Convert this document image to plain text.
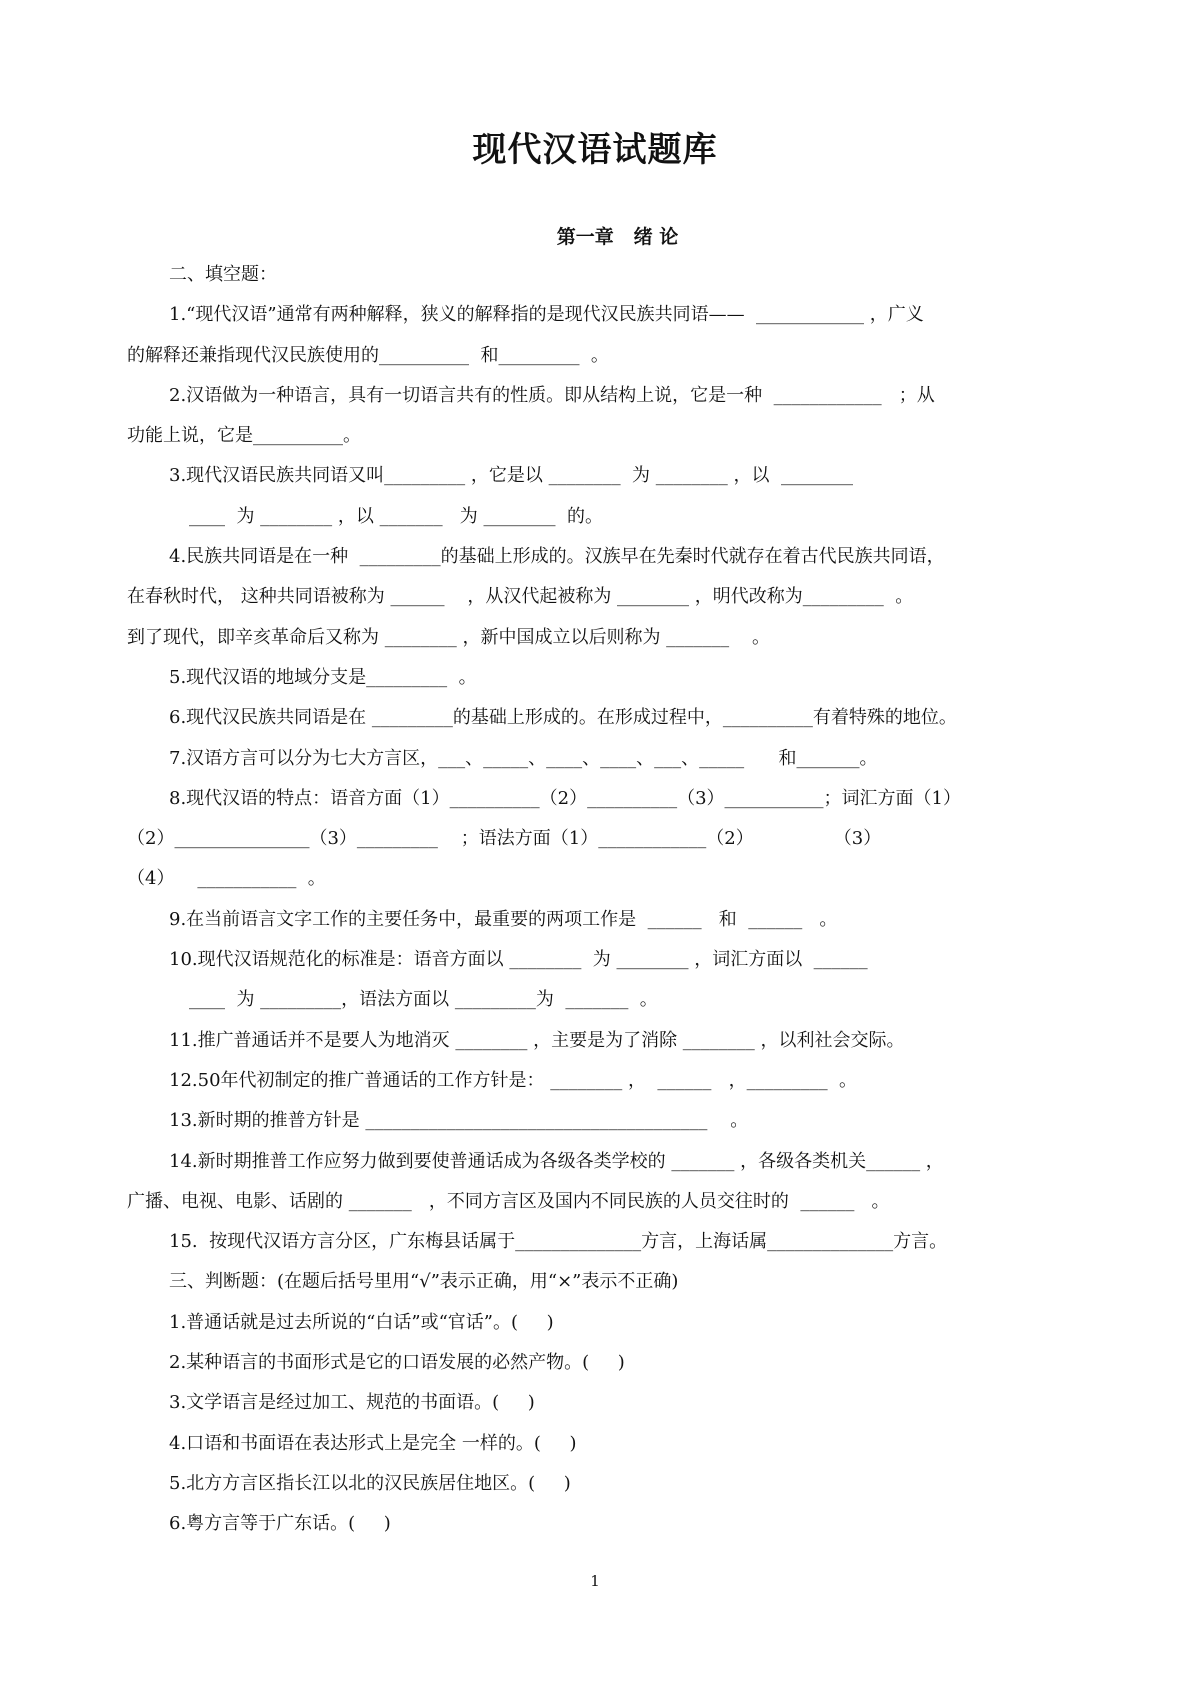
现代汉语试题库
第一章   绪 论
二、填空题：
1.“现代汉语”通常有两种解释，狭义的解释指的是现代汉民族共同语——  ____________ ，广义
的解释还兼指现代汉民族使用的__________  和_________  。
2.汉语做为一种语言，具有一切语言共有的性质。即从结构上说，它是一种  ____________   ；从
功能上说，它是__________。
3.现代汉语民族共同语又叫_________ ，它是以 ________  为 ________ ，以  ________
____  为 ________ ，以 _______   为 ________  的。
4.民族共同语是在一种  _________的基础上形成的。汉族早在先秦时代就存在着古代民族共同语，
在春秋时代， 这种共同语被称为 ______    ，从汉代起被称为 ________ ，明代改称为_________  。
到了现代，即辛亥革命后又称为 ________ ，新中国成立以后则称为 _______    。
5.现代汉语的地域分支是_________  。
6.现代汉民族共同语是在 _________的基础上形成的。在形成过程中，__________有着特殊的地位。
7.汉语方言可以分为七大方言区，___、_____、____、____、___、_____      和_______。
8.现代汉语的特点：语音方面（1）__________（2）__________（3）___________；词汇方面（1）
（2）_______________（3）_________    ；语法方面（1）____________（2）              （3）
（4）    ___________  。
9.在当前语言文字工作的主要任务中，最重要的两项工作是  ______   和  ______   。
10.现代汉语规范化的标准是：语音方面以 ________  为 ________ ，词汇方面以  ______
____  为 _________，语法方面以 _________为  _______  。
11.推广普通话并不是要人为地消灭 ________ ，主要是为了消除 ________ ，以利社会交际。
12.50年代初制定的推广普通话的工作方针是： ________ ，  ______   ，_________  。
13.新时期的推普方针是 ______________________________________    。
14.新时期推普工作应努力做到要使普通话成为各级各类学校的 _______ ，各级各类机关______ ，
广播、电视、电影、话剧的 _______   ，不同方言区及国内不同民族的人员交往时的  ______   。
15.  按现代汉语方言分区，广东梅县话属于______________方言，上海话属______________方言。
三、判断题：(在题后括号里用“√”表示正确，用“×”表示不正确)
1.普通话就是过去所说的“白话”或“官话”。(     )
2.某种语言的书面形式是它的口语发展的必然产物。(     )
3.文学语言是经过加工、规范的书面语。(     )
4.口语和书面语在表达形式上是完全 一样的。(     )
5.北方方言区指长江以北的汉民族居住地区。(     )
6.粤方言等于广东话。(     )
1
